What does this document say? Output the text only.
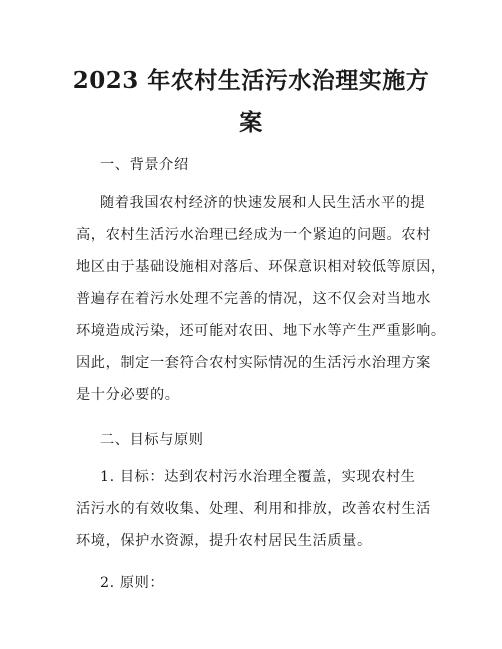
2023 年农村生活污水治理实施方
案
一、背景介绍
随着我国农村经济的快速发展和人民生活水平的提
高，农村生活污水治理已经成为一个紧迫的问题。农村
地区由于基础设施相对落后、环保意识相对较低等原因，
普遍存在着污水处理不完善的情况，这不仅会对当地水
环境造成污染，还可能对农田、地下水等产生严重影响。
因此，制定一套符合农村实际情况的生活污水治理方案
是十分必要的。
二、目标与原则
1. 目标：达到农村污水治理全覆盖，实现农村生
活污水的有效收集、处理、利用和排放，改善农村生活
环境，保护水资源，提升农村居民生活质量。
2. 原则：
